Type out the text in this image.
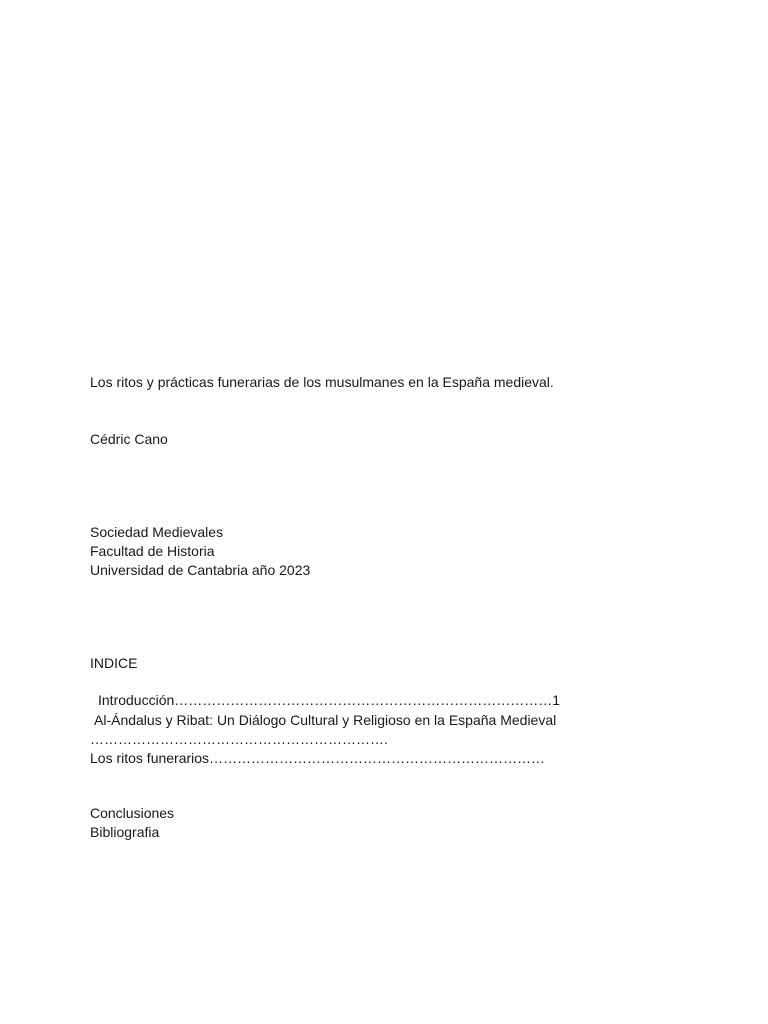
Los ritos y prácticas funerarias de los musulmanes en la España medieval.
Cédric Cano
Sociedad Medievales
Facultad de Historia
Universidad de Cantabria año 2023
INDICE
Introducción………………………………………………………………………1
Al-Ándalus y Ribat: Un Diálogo Cultural y Religioso en la España Medieval
……………………………………………………….
Los ritos funerarios………………………………………………………………
Conclusiones
Bibliografia
